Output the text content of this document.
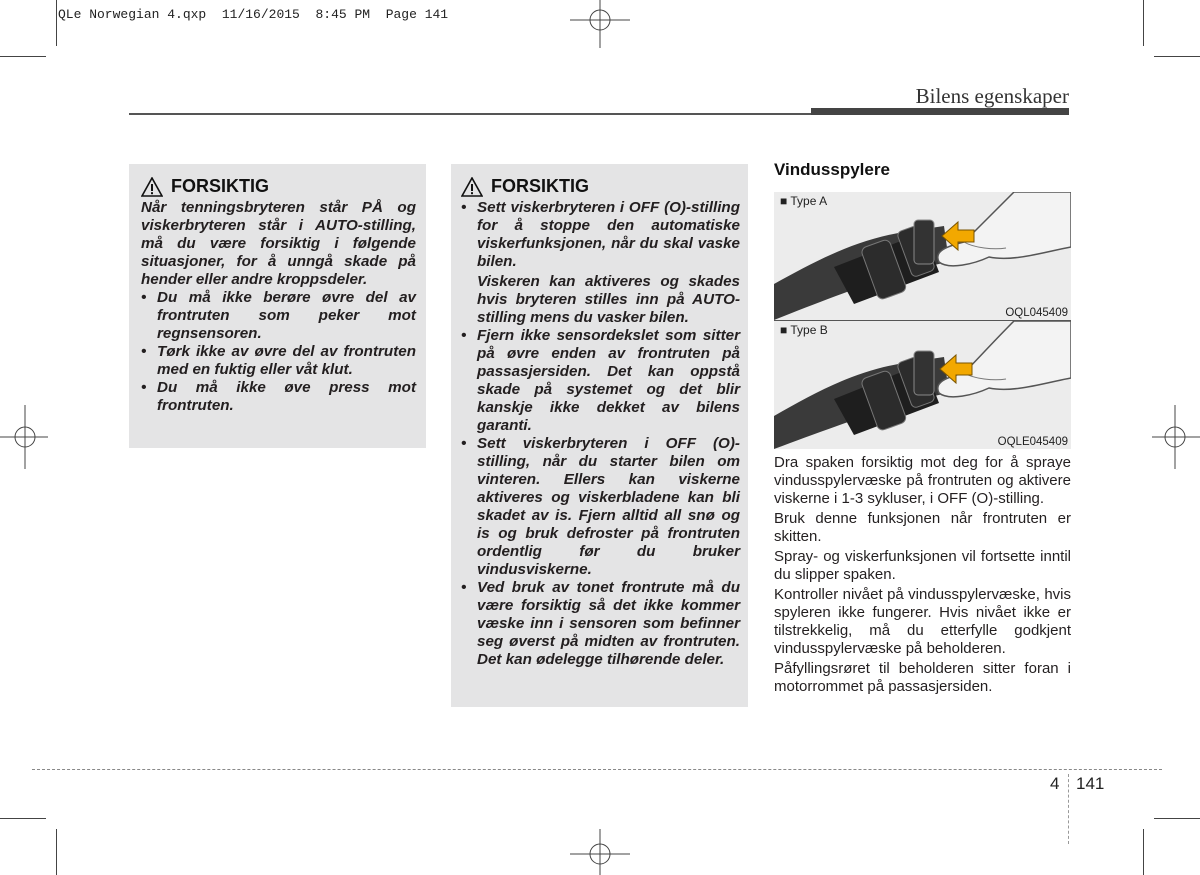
QLe Norwegian 4.qxp 11/16/2015 8:45 PM Page 141
Bilens egenskaper
FORSIKTIG

Når tenningsbryteren står PÅ og viskerbryteren står i AUTO-stilling, må du være forsiktig i følgende situasjoner, for å unngå skade på hender eller andre kroppsdeler.

• Du må ikke berøre øvre del av frontruten som peker mot regnsensoren.
• Tørk ikke av øvre del av frontruten med en fuktig eller våt klut.
• Du må ikke øve press mot frontruten.
FORSIKTIG
• Sett viskerbryteren i OFF (O)-stilling for å stoppe den automatiske viskerfunksjonen, når du skal vaske bilen.
Viskeren kan aktiveres og skades hvis bryteren stilles inn på AUTO-stilling mens du vasker bilen.
• Fjern ikke sensordekslet som sitter på øvre enden av frontruten på passasjersiden. Det kan oppstå skade på systemet og det blir kanskje ikke dekket av bilens garanti.
• Sett viskerbryteren i OFF (O)-stilling, når du starter bilen om vinteren. Ellers kan viskerne aktiveres og viskerbladene kan bli skadet av is. Fjern alltid all snø og is og bruk defroster på frontruten ordentlig før du bruker vindusviskerne.
• Ved bruk av tonet frontrute må du være forsiktig så det ikke kommer væske inn i sensoren som befinner seg øverst på midten av frontruten. Det kan ødelegge tilhørende deler.
Vindusspylere
■ Type A
OQL045409
■ Type B
OQLE045409

Dra spaken forsiktig mot deg for å spraye vindusspylervæske på frontruten og aktivere viskerne i 1-3 sykluser, i OFF (O)-stilling.

Bruk denne funksjonen når frontruten er skitten.

Spray- og viskerfunksjonen vil fortsette inntil du slipper spaken.

Kontroller nivået på vindusspylervæske, hvis spyleren ikke fungerer. Hvis nivået ikke er tilstrekkelig, må du etterfylle godkjent vindusspylervæske på beholderen.

Påfyllingsrøret til beholderen sitter foran i motorrommet på passasjersiden.

4 141
